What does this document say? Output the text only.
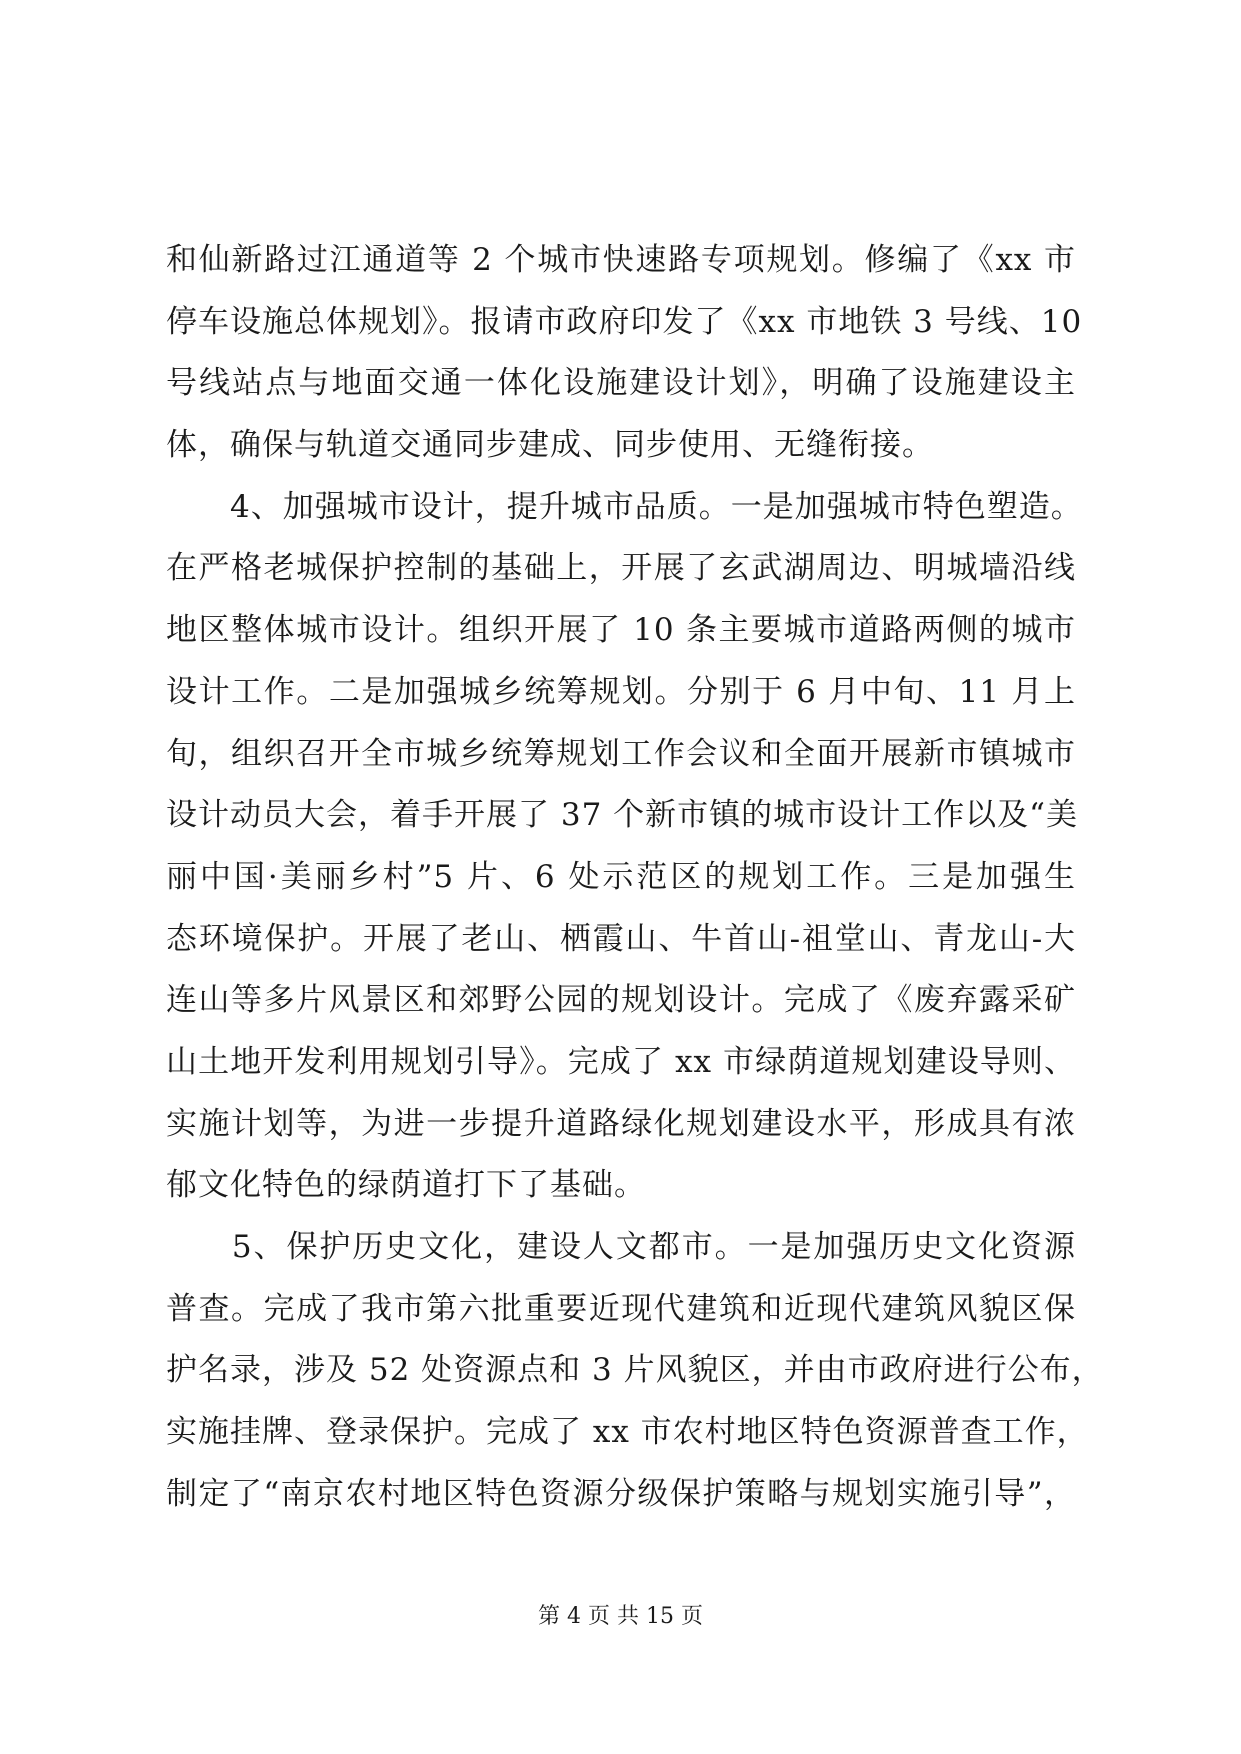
和仙新路过江通道等 2 个城市快速路专项规划。修编了《xx 市
停车设施总体规划》。报请市政府印发了《xx 市地铁 3 号线、10
号线站点与地面交通一体化设施建设计划》，明确了设施建设主
体，确保与轨道交通同步建成、同步使用、无缝衔接。
　　4、加强城市设计，提升城市品质。一是加强城市特色塑造。
在严格老城保护控制的基础上，开展了玄武湖周边、明城墙沿线
地区整体城市设计。组织开展了 10 条主要城市道路两侧的城市
设计工作。二是加强城乡统筹规划。分别于 6 月中旬、11 月上
旬，组织召开全市城乡统筹规划工作会议和全面开展新市镇城市
设计动员大会，着手开展了 37 个新市镇的城市设计工作以及“美
丽中国·美丽乡村”5 片、6 处示范区的规划工作。三是加强生
态环境保护。开展了老山、栖霞山、牛首山-祖堂山、青龙山-大
连山等多片风景区和郊野公园的规划设计。完成了《废弃露采矿
山土地开发利用规划引导》。完成了 xx 市绿荫道规划建设导则、
实施计划等，为进一步提升道路绿化规划建设水平，形成具有浓
郁文化特色的绿荫道打下了基础。
　　5、保护历史文化，建设人文都市。一是加强历史文化资源
普查。完成了我市第六批重要近现代建筑和近现代建筑风貌区保
护名录，涉及 52 处资源点和 3 片风貌区，并由市政府进行公布，
实施挂牌、登录保护。完成了 xx 市农村地区特色资源普查工作，
制定了“南京农村地区特色资源分级保护策略与规划实施引导”，
第 4 页 共 15 页
